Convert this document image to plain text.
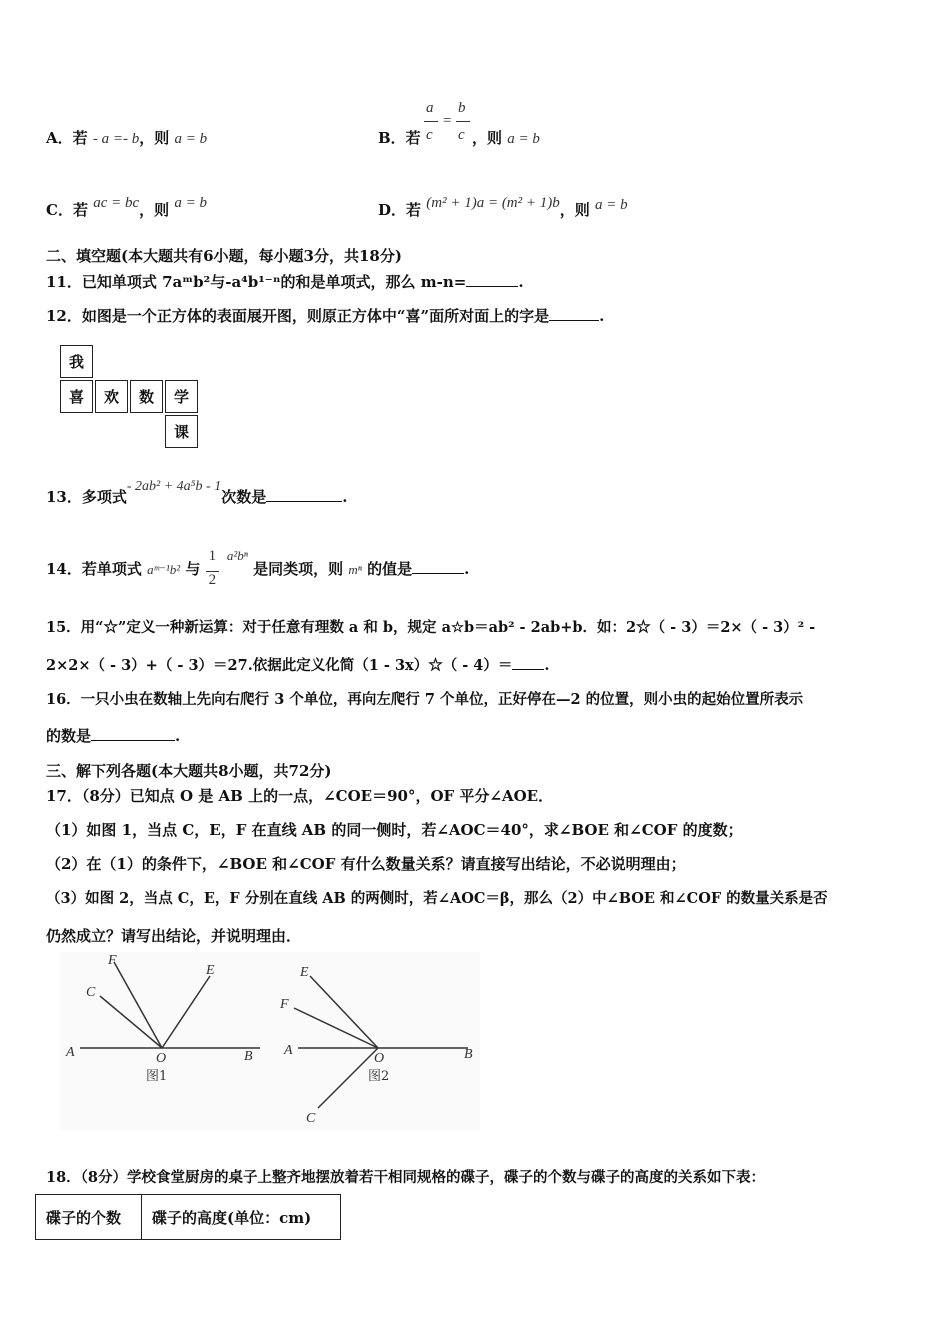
A．若 - a =- b，则 a = b	B．若
a
c
=
b
c ，则 a = b
C．若 ac = bc，则 a = b	D．若 (m² + 1)a = (m² + 1)b，则 a = b
二、填空题(本大题共有6小题，每小题3分，共18分)
11．已知单项式 7aᵐb²与-a⁴b¹⁻ⁿ的和是单项式，那么 m-n=	.
12．如图是一个正方体的表面展开图，则原正方体中“喜”面所对面上的字是	.
我
喜	欢	数	学
课
13．多项式- 2ab² + 4a⁵b - 1次数是	.
14．若单项式 aᵐ⁻¹b² 与
$\frac{1}{2}$
a²bⁿ 是同类项，则 mⁿ 的值是	.
15．用“☆”定义一种新运算：对于任意有理数 a 和 b，规定 a☆b＝ab² - 2ab+b．如：2☆（ - 3）＝2×（ - 3）² -
2×2×（ - 3）+（ - 3）＝27.依据此定义化简（1 - 3x）☆（ - 4）＝ .
16．一只小虫在数轴上先向右爬行 3 个单位，再向左爬行 7 个单位，正好停在—2 的位置，则小虫的起始位置所表示
的数是	.
三、解下列各题(本大题共8小题，共72分)
17．（8分）已知点 O 是 AB 上的一点，∠COE＝90°，OF 平分∠AOE．
（1）如图 1，当点 C，E，F 在直线 AB 的同一侧时，若∠AOC＝40°，求∠BOE 和∠COF 的度数；
（2）在（1）的条件下，∠BOE 和∠COF 有什么数量关系？请直接写出结论，不必说明理由；
（3）如图 2，当点 C，E，F 分别在直线 AB 的两侧时，若∠AOC＝β，那么（2）中∠BOE 和∠COF 的数量关系是否
仍然成立？请写出结论，并说明理由．
A	B
O
C
F
E
图1
A	B
O
E
F
C
图2
18．（8分）学校食堂厨房的桌子上整齐地摆放着若干相同规格的碟子，碟子的个数与碟子的高度的关系如下表：
碟子的个数	碟子的高度(单位：cm)
